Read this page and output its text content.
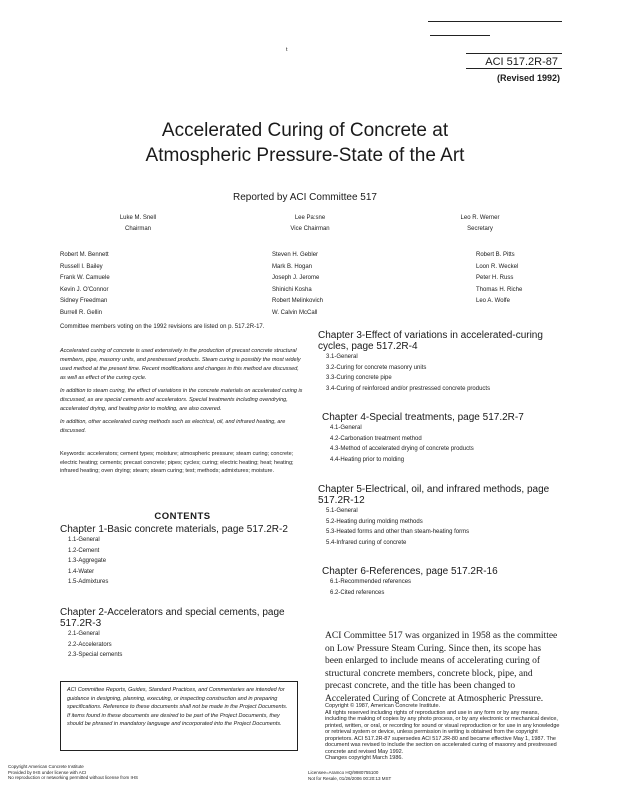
t
ACI 517.2R-87
(Revised 1992)
Accelerated Curing of Concrete at
Atmospheric Pressure-State of the Art
Reported by ACI Committee 517
Luke M. Snell
Chairman
Lee Pa:sne
Vice Chairman
Leo R. Werner
Secretary
Robert M. Bennett
Russell I. Bailey
Frank W. Camuele
Kevin J. O'Connor
Sidney Freedman
Burrell R. Gellin
Steven H. Gebler
Mark B. Hogan
Joseph J. Jerome
Shinichi Kosha
Robert Melinkovich
W. Calvin McCall
Robert B. Pitts
Loon R. Weckel
Peter H. Russ
Thomas H. Riche
Leo A. Wolfe
Committee members voting on the 1992 revisions are listed on p. 517.2R-17.

Accelerated curing of concrete is used extensively in the production of precast concrete structural members, pipe, masonry units, and prestressed products. Steam curing is possibly the most widely used method at the present time. Recent modifications and changes in this method are discussed, as well as effect of the curing cycle.

In addition to steam curing, the effect of variations in the concrete materials on accelerated curing is discussed, as are special cements and accelerators. Special treatments including ovendrying, accelerated drying, and heating prior to molding, are also covered.

In addition, other accelerated curing methods such as electrical, oil, and infrared heating, are discussed.

Keywords: accelerators; cement types; moisture; atmospheric pressure; steam curing; concrete; electric heating; cements; precast concrete; pipes; cycles; curing; electric heating; heat; heating; infrared heating; oven drying; steam; steam curing; test; methods; admixtures; moisture.
CONTENTS
Chapter 1-Basic concrete materials, page 517.2R-2
1.1-General
1.2-Cement
1.3-Aggregate
1.4-Water
1.5-Admixtures
Chapter 2-Accelerators and special cements, page 517.2R-3
2.1-General
2.2-Accelerators
2.3-Special cements
ACI Committee Reports, Guides, Standard Practices, and Commentaries are intended for guidance in designing, planning, executing, or inspecting construction and in preparing specifications. Reference to these documents shall not be made in the Project Documents. If items found in these documents are desired to be part of the Project Documents, they should be phrased in mandatory language and incorporated into the Project Documents.
Chapter 3-Effect of variations in accelerated-curing cycles, page 517.2R-4
3.1-General
3.2-Curing for concrete masonry units
3.3-Curing concrete pipe
3.4-Curing of reinforced and/or prestressed concrete products
Chapter 4-Special treatments, page 517.2R-7
4.1-General
4.2-Carbonation treatment method
4.3-Method of accelerated drying of concrete products
4.4-Heating prior to molding
Chapter 5-Electrical, oil, and infrared methods, page 517.2R-12
5.1-General
5.2-Heating during molding methods
5.3-Heated forms and other than steam-heating forms
5.4-Infrared curing of concrete
Chapter 6-References, page 517.2R-16
6.1-Recommended references
6.2-Cited references
ACI Committee 517 was organized in 1958 as the committee on Low Pressure Steam Curing. Since then, its scope has been enlarged to include means of accelerating curing of structural concrete members, concrete block, pipe, and precast concrete, and the title has been changed to Accelerated Curing of Concrete at Atmospheric Pressure.
Copyright © 1987, American Concrete Institute.
All rights reserved including rights of reproduction and use in any form or by any means, including the making of copies by any photo process, or by any electronic or mechanical device, printed, written, or oral, or recording for sound or visual reproduction or for use in any knowledge or retrieval system or device, unless permission in writing is obtained from the copyright proprietors. ACI 517.2R-87 supersedes ACI 517.2R-80 and became effective May 1, 1987. The document was revised to include the section on accelerated curing of masonry and prestressed concrete and revised May 1992.
Changes copyright March 1986.
Copyright American Concrete Institute
Provided by IHS under license with ACI
No reproduction or networking permitted without license from IHS
Licensee=Aramco HQ/9980755100
Not for Resale, 01/26/2006 00:20:13 MST
